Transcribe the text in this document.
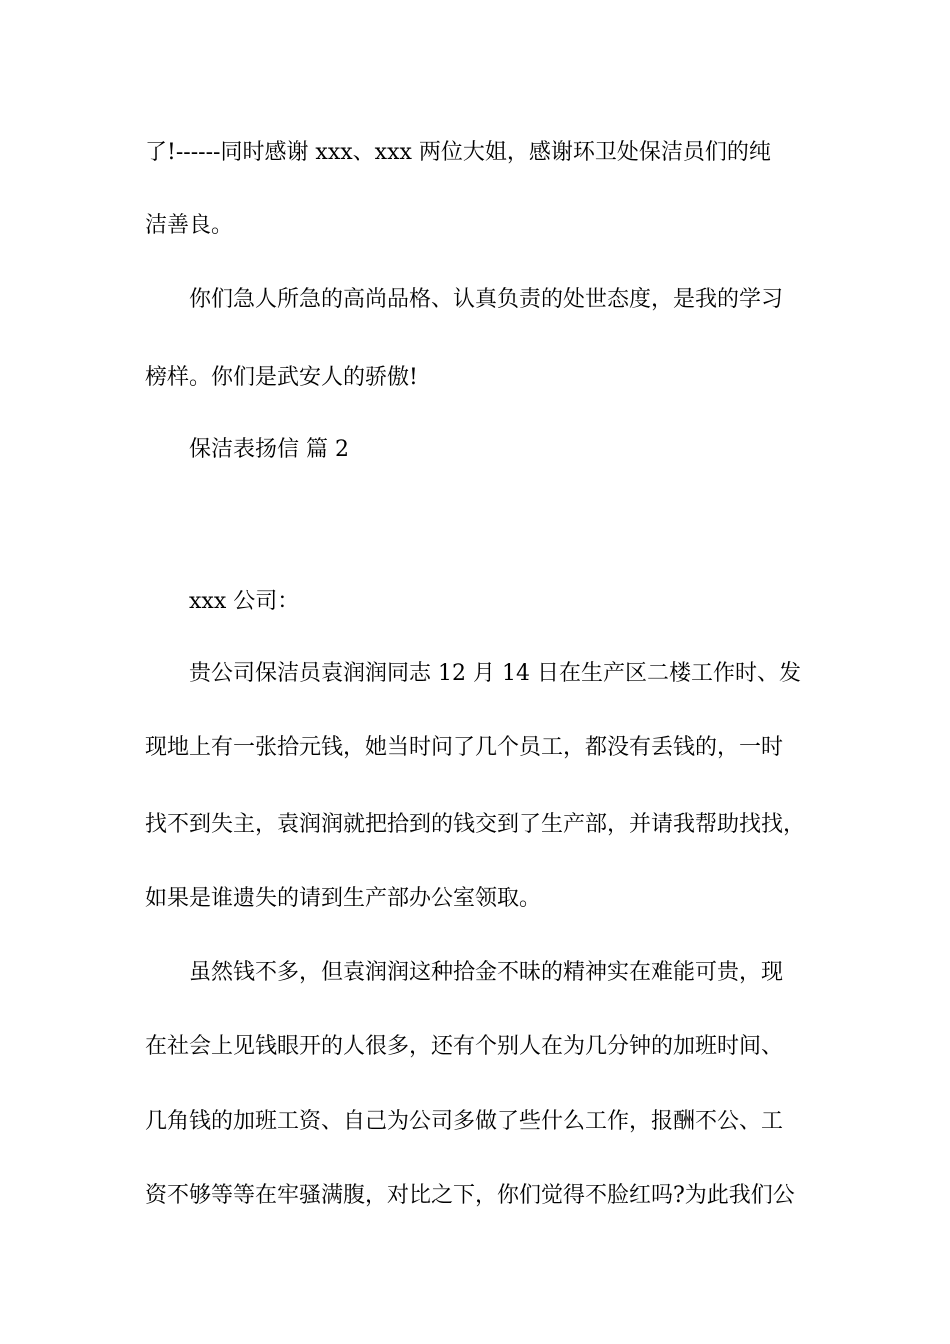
了!------同时感谢 xxx、xxx 两位大姐，感谢环卫处保洁员们的纯

洁善良。

你们急人所急的高尚品格、认真负责的处世态度，是我的学习

榜样。你们是武安人的骄傲!

保洁表扬信 篇 2

xxx 公司：

贵公司保洁员袁润润同志 12 月 14 日在生产区二楼工作时、发

现地上有一张拾元钱，她当时问了几个员工，都没有丢钱的，一时

找不到失主，袁润润就把拾到的钱交到了生产部，并请我帮助找找，

如果是谁遗失的请到生产部办公室领取。

虽然钱不多，但袁润润这种拾金不昧的精神实在难能可贵，现

在社会上见钱眼开的人很多，还有个别人在为几分钟的加班时间、

几角钱的加班工资、自己为公司多做了些什么工作，报酬不公、工

资不够等等在牢骚满腹，对比之下，你们觉得不脸红吗?为此我们公
